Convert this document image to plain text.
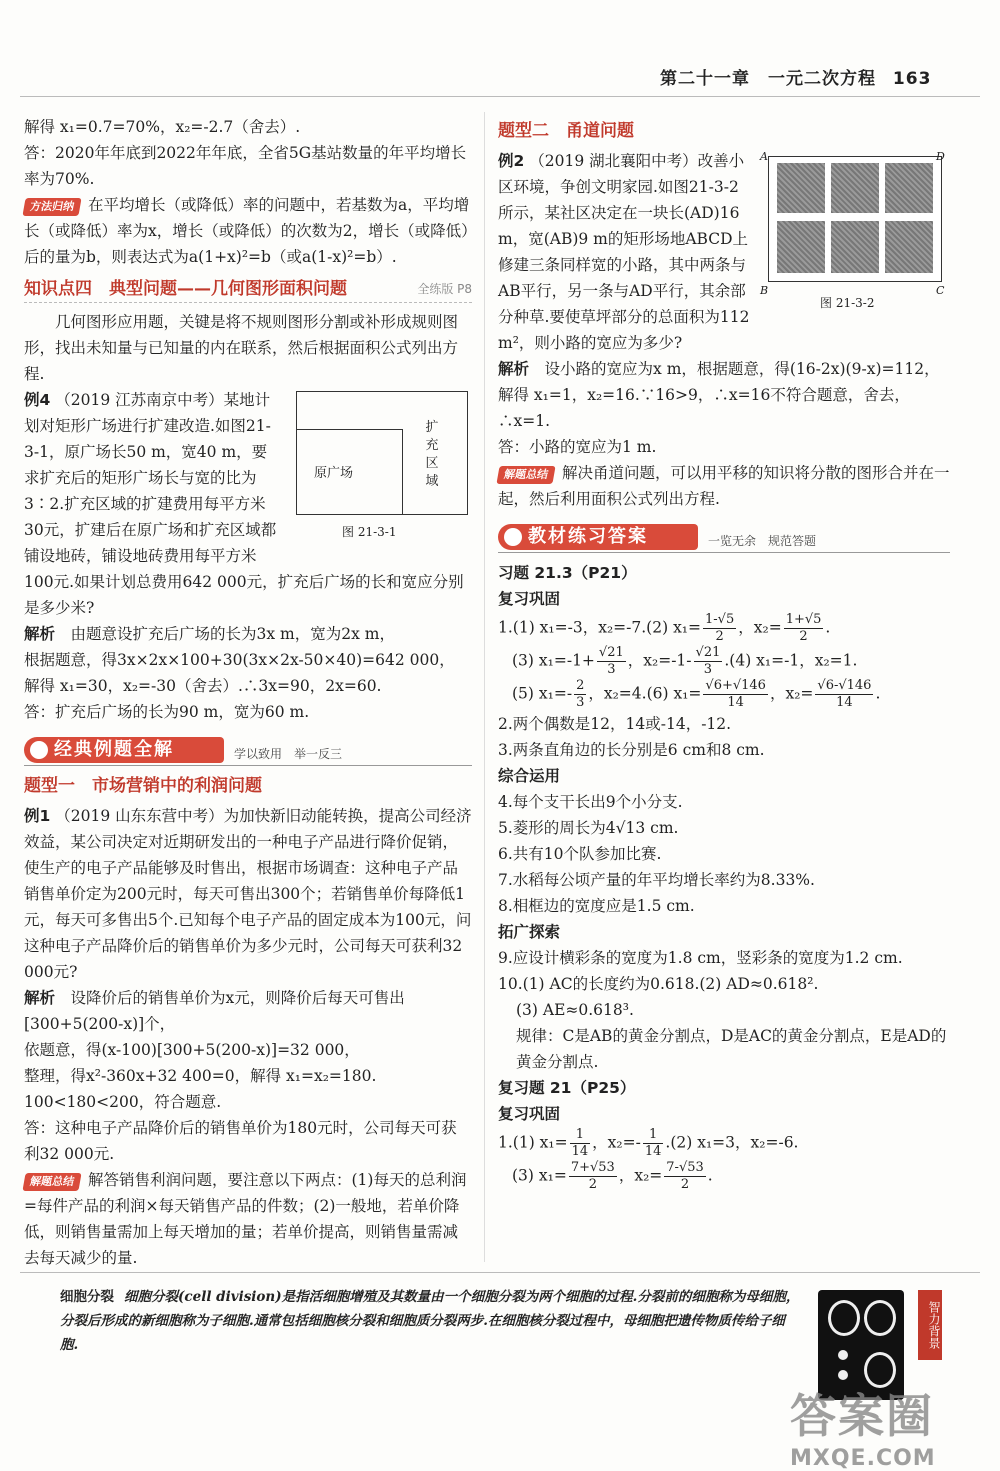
第二十一章　一元二次方程 163

解得 x₁=0.7=70%，x₂=-2.7（舍去）.

答：2020年年底到2022年年底，全省5G基站数量的年平均增长率为70%.

方法归纳 在平均增长（或降低）率的问题中，若基数为a，平均增长（或降低）率为x，增长（或降低）的次数为2，增长（或降低）后的量为b，则表达式为a(1+x)²=b（或a(1-x)²=b）.

知识点四　典型问题——几何图形面积问题	全练版 P8

几何图形应用题，关键是将不规则图形分割或补形成规则图形，找出未知量与已知量的内在联系，然后根据面积公式列出方程.

原广场
扩充区域
图 21-3-1

例4 （2019 江苏南京中考）某地计划对矩形广场进行扩建改造.如图21-3-1，原广场长50 m，宽40 m，要求扩充后的矩形广场长与宽的比为3∶2.扩充区域的扩建费用每平方米30元，扩建后在原广场和扩充区域都铺设地砖，铺设地砖费用每平方米100元.如果计划总费用642 000元，扩充后广场的长和宽应分别是多少米?

解析　 由题意设扩充后广场的长为3x m，宽为2x m，

根据题意，得3x×2x×100+30(3x×2x-50×40)=642 000，

解得 x₁=30，x₂=-30（舍去）.∴3x=90，2x=60.

答：扩充后广场的长为90 m，宽为60 m.

经典例题全解	学以致用　举一反三
题型一　市场营销中的利润问题

例1 （2019 山东东营中考）为加快新旧动能转换，提高公司经济效益，某公司决定对近期研发出的一种电子产品进行降价促销，使生产的电子产品能够及时售出，根据市场调查：这种电子产品销售单价定为200元时，每天可售出300个；若销售单价每降低1元，每天可多售出5个.已知每个电子产品的固定成本为100元，问这种电子产品降价后的销售单价为多少元时，公司每天可获利32 000元?

解析　 设降价后的销售单价为x元，则降价后每天可售出[300+5(200-x)]个，

依题意，得(x-100)[300+5(200-x)]=32 000，

整理，得x²-360x+32 400=0，解得 x₁=x₂=180.

100<180<200，符合题意.

答：这种电子产品降价后的销售单价为180元时，公司每天可获利32 000元.

解题总结 解答销售利润问题，要注意以下两点：(1)每天的总利润=每件产品的利润×每天销售产品的件数；(2)一般地，若单价降低，则销售量需加上每天增加的量；若单价提高，则销售量需减去每天减少的量.

题型二　甬道问题
A	D
B	C
图 21-3-2

例2 （2019 湖北襄阳中考）改善小区环境，争创文明家园.如图21-3-2所示，某社区决定在一块长(AD)16 m，宽(AB)9 m的矩形场地ABCD上修建三条同样宽的小路，其中两条与AB平行，另一条与AD平行，其余部分种草.要使草坪部分的总面积为112 m²，则小路的宽应为多少?

解析　 设小路的宽应为x m，根据题意，得(16-2x)(9-x)=112，解得 x₁=1，x₂=16.∵16>9，∴x=16不符合题意，舍去，∴x=1.

答：小路的宽应为1 m.

解题总结 解决甬道问题，可以用平移的知识将分散的图形合并在一起，然后利用面积公式列出方程.

教材练习答案	一览无余　规范答题

习题 21.3（P21）

复习巩固

1.(1) x₁=-3，x₂=-7.(2) $x_1= \frac{1-√5}{2}$ ，$x_2= \frac{1+√5}{2}$ .

(3) $x_1=-1+ \frac{√21}{3}$ ，$x_2=-1- \frac{√21}{3} .(4)$ x₁=-1，x₂=1.

(5) $x_1=- \frac{2}{3}$ ，x₂=4.(6) $x_1= \frac{√6+√146}{14}$ ，$x_2= \frac{√6-√146}{14}$ .

2.两个偶数是12，14或-14，-12.

3.两条直角边的长分别是6 cm和8 cm.

综合运用

4.每个支干长出9个小分支.

5.菱形的周长为4√13 cm.

6.共有10个队参加比赛.

7.水稻每公顷产量的年平均增长率约为8.33%.

8.相框边的宽度应是1.5 cm.

拓广探索

9.应设计横彩条的宽度为1.8 cm，竖彩条的宽度为1.2 cm.

10.(1) AC的长度约为0.618.(2) AD≈0.618².

(3) AE≈0.618³.

规律：C是AB的黄金分割点，D是AC的黄金分割点，E是AD的黄金分割点.

复习题 21（P25）

复习巩固

1.(1) $x_1= \frac{1}{14}$ ，$x_2=- \frac{1}{14} .(2)$ x₁=3，x₂=-6.

(3) $x_1= \frac{7+√53}{2}$ ，$x_2= \frac{7-√53}{2}$ .

细胞分裂 细胞分裂(cell division)是指活细胞增殖及其数量由一个细胞分裂为两个细胞的过程.分裂前的细胞称为母细胞，分裂后形成的新细胞称为子细胞.通常包括细胞核分裂和细胞质分裂两步.在细胞核分裂过程中，母细胞把遗传物质传给子细胞.	智力背景
答案圈
MXQE.COM
